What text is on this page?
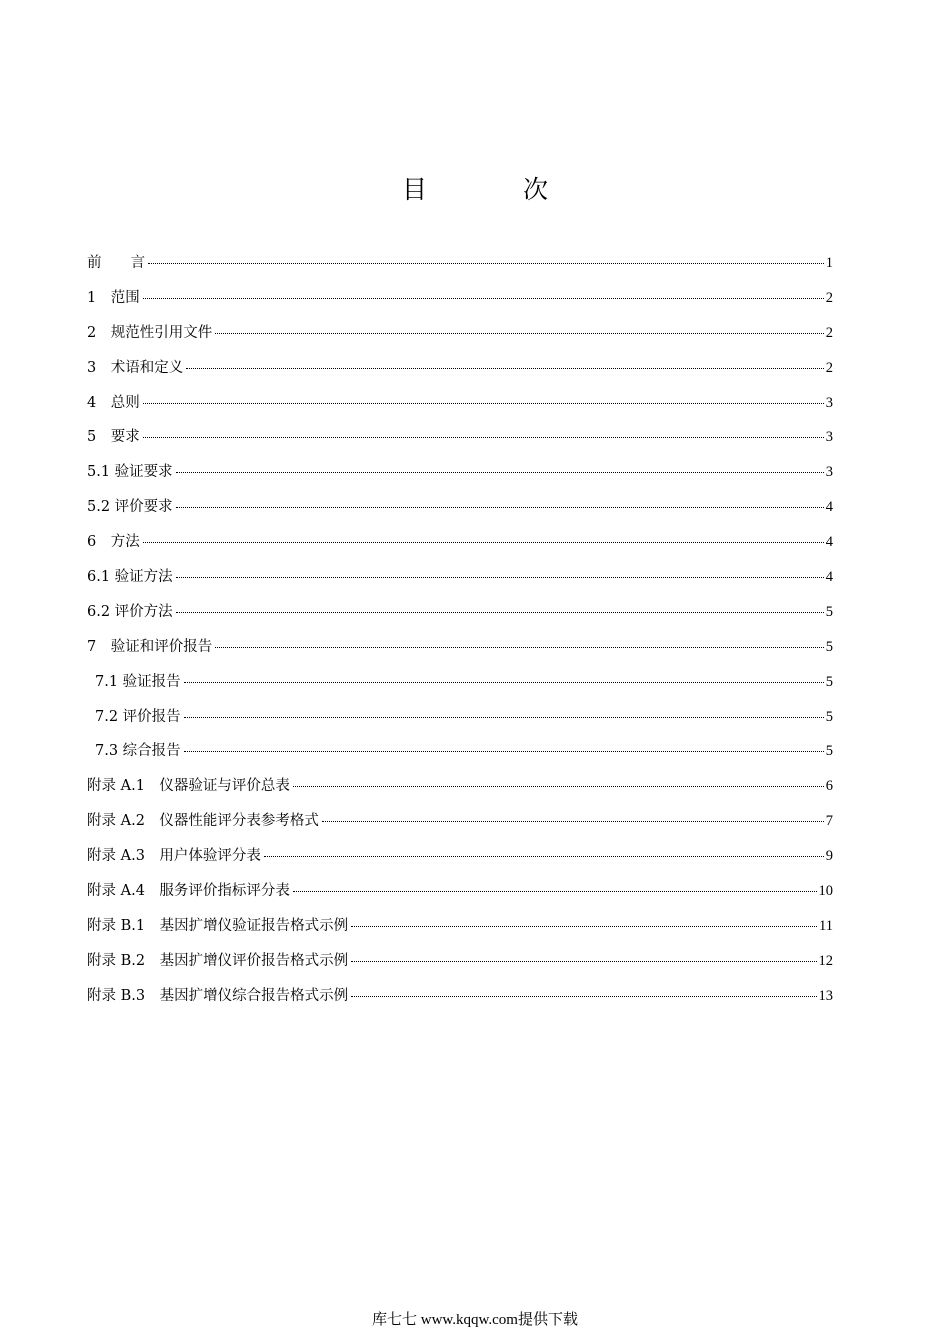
目 次
前　　言	1
1　范围	2
2　规范性引用文件	2
3　术语和定义	2
4　总则	3
5　要求	3
5.1 验证要求	3
5.2 评价要求	4
6　方法	4
6.1 验证方法	4
6.2 评价方法	5
7　验证和评价报告	5
7.1 验证报告	5
7.2 评价报告	5
7.3 综合报告	5
附录 A.1　仪器验证与评价总表	6
附录 A.2　仪器性能评分表参考格式	7
附录 A.3　用户体验评分表	9
附录 A.4　服务评价指标评分表	10
附录 B.1　基因扩增仪验证报告格式示例	11
附录 B.2　基因扩增仪评价报告格式示例	12
附录 B.3　基因扩增仪综合报告格式示例	13
库七七 www.kqqw.com提供下载
